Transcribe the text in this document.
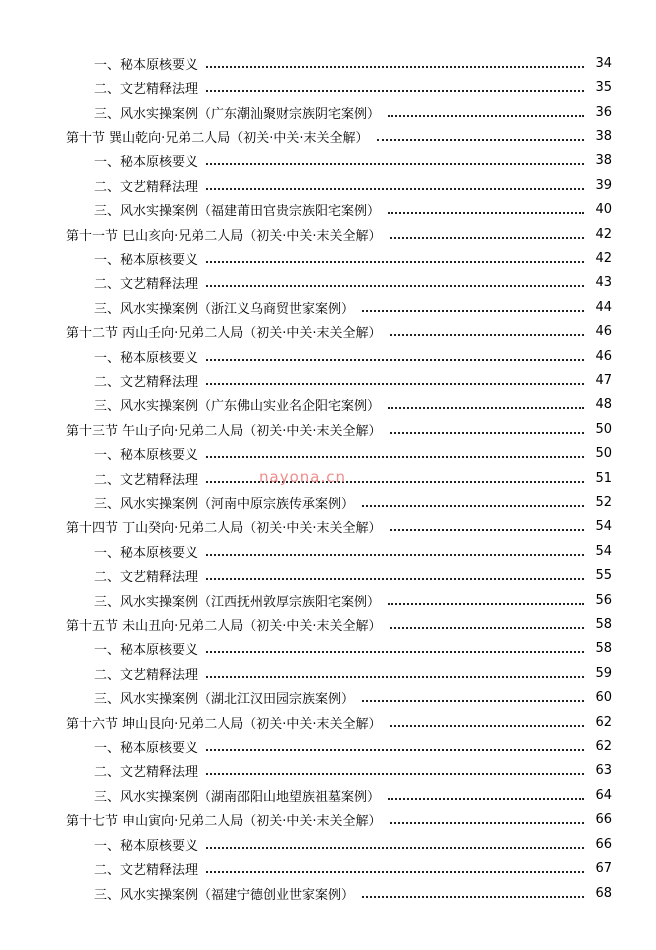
一、秘本原核要义	34
二、文艺精释法理	35
三、风水实操案例（广东潮汕聚财宗族阴宅案例）	36
第十节 巽山乾向·兄弟二人局（初关·中关·末关全解）	38
一、秘本原核要义	38
二、文艺精释法理	39
三、风水实操案例（福建莆田官贵宗族阳宅案例）	40
第十一节 巳山亥向·兄弟二人局（初关·中关·末关全解）	42
一、秘本原核要义	42
二、文艺精释法理	43
三、风水实操案例（浙江义乌商贸世家案例）	44
第十二节 丙山壬向·兄弟二人局（初关·中关·末关全解）	46
一、秘本原核要义	46
二、文艺精释法理	47
三、风水实操案例（广东佛山实业名企阳宅案例）	48
第十三节 午山子向·兄弟二人局（初关·中关·末关全解）	50
一、秘本原核要义	50
二、文艺精释法理	51
三、风水实操案例（河南中原宗族传承案例）	52
第十四节 丁山癸向·兄弟二人局（初关·中关·末关全解）	54
一、秘本原核要义	54
二、文艺精释法理	55
三、风水实操案例（江西抚州敦厚宗族阳宅案例）	56
第十五节 未山丑向·兄弟二人局（初关·中关·末关全解）	58
一、秘本原核要义	58
二、文艺精释法理	59
三、风水实操案例（湖北江汉田园宗族案例）	60
第十六节 坤山艮向·兄弟二人局（初关·中关·末关全解）	62
一、秘本原核要义	62
二、文艺精释法理	63
三、风水实操案例（湖南邵阳山地望族祖墓案例）	64
第十七节 申山寅向·兄弟二人局（初关·中关·末关全解）	66
一、秘本原核要义	66
二、文艺精释法理	67
三、风水实操案例（福建宁德创业世家案例）	68
nayona.cn
